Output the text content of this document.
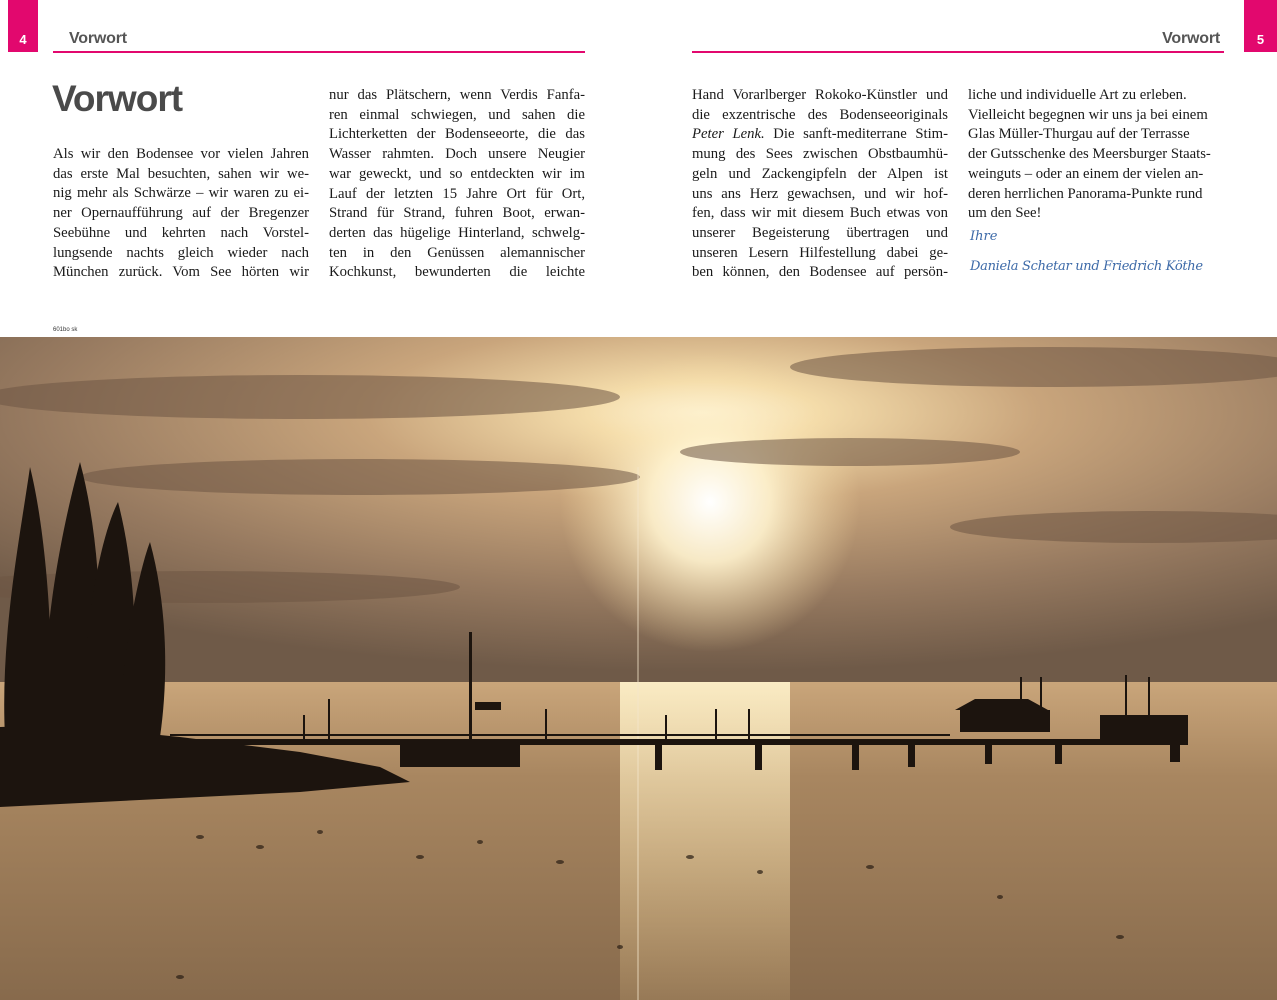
4	Vorwort	5
Vorwort
Vorwort

Als wir den Bodensee vor vielen Jahren

das erste Mal besuchten, sahen wir we-

nig mehr als Schwärze – wir waren zu ei-

ner Opernaufführung auf der Bregenzer

Seebühne und kehrten nach Vorstel-

lungsende nachts gleich wieder nach

München zurück. Vom See hörten wir

nur das Plätschern, wenn Verdis Fanfa-

ren einmal schwiegen, und sahen die

Lichterketten der Bodenseeorte, die das

Wasser rahmten. Doch unsere Neugier

war geweckt, und so entdeckten wir im

Lauf der letzten 15 Jahre Ort für Ort,

Strand für Strand, fuhren Boot, erwan-

derten das hügelige Hinterland, schwelg-

ten in den Genüssen alemannischer

Kochkunst, bewunderten die leichte

Hand Vorarlberger Rokoko-Künstler und

die exzentrische des Bodenseeoriginals

Peter Lenk. Die sanft-mediterrane Stim-

mung des Sees zwischen Obstbaumhü-

geln und Zackengipfeln der Alpen ist

uns ans Herz gewachsen, und wir hof-

fen, dass wir mit diesem Buch etwas von

unserer Begeisterung übertragen und

unseren Lesern Hilfestellung dabei ge-

ben können, den Bodensee auf persön-

liche und individuelle Art zu erleben.

Vielleicht begegnen wir uns ja bei einem

Glas Müller-Thurgau auf der Terrasse

der Gutsschenke des Meersburger Staats-

weinguts – oder an einem der vielen an-

deren herrlichen Panorama-Punkte rund

um den See!

Ihre
Daniela Schetar und Friedrich Köthe
601bo sk
